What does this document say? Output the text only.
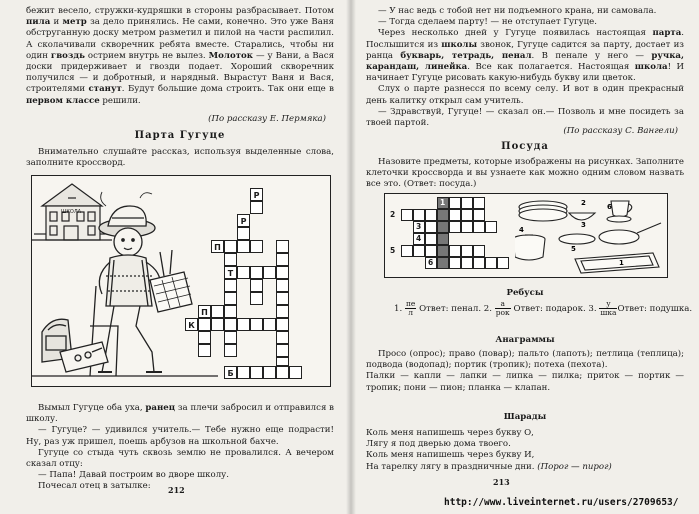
бежит весело, стружки-кудряшки в стороны разбрасывает. Потом пила и метр за дело принялись. Не сами, конечно. Это уже Ваня обструганную доску метром разметил и пилой на части распилил. А сколачивали скворечник ребята вместе. Старались, чтобы ни один гвоздь острием внутрь не вылез. Молоток — у Вани, а Вася доски придерживает и гвозди подает. Хороший скворечник получился — и добротный, и нарядный. Вырастут Ваня и Вася, строителями станут. Будут большие дома строить. Так они еще в первом классе решили.

(По рассказу Е. Пермяка)
Парта Гугуце

Внимательно слушайте рассказ, используя выделенные слова, заполните кроссворд.

Р
Р
П
Т
П
К
Б
ШКОЛА

Вымыл Гугуце оба уха, ранец за плечи забросил и отправился в школу.

— Гугуце? — удивился учитель.— Тебе нужно еще подрасти! Ну, раз уж пришел, поешь арбузов на школьной бахче.

Гугуце со стыда чуть сквозь землю не провалился. А вечером сказал отцу:

— Папа! Давай построим во дворе школу.

Почесал отец в затылке:	212

— У нас ведь с тобой нет ни подъемного крана, ни самовала.

— Тогда сделаем парту! — не отступает Гугуце.

Через несколько дней у Гугуце появилась настоящая парта. Послышится из школы звонок, Гугуце садится за парту, достает из ранца букварь, тетрадь, пенал. В пенале у него — ручка, карандаш, линейка. Все как полагается. Настоящая школа! И начинает Гугуце рисовать какую-нибудь букву или цветок.

Слух о парте разнесся по всему селу. И вот в один прекрасный день калитку открыл сам учитель.

— Здравствуй, Гугуце! — сказал он.— Позволь и мне посидеть за твоей партой.

(По рассказу С. Вангели)
Посуда

Назовите предметы, которые изображены на рисунках. Заполните клеточки кроссворда и вы узнаете как можно одним словом назвать все это. (Ответ: посуда.)

1
2
3
4
5
6
6
2
3
4
5
1
Ребусы
1. $\frac{пе}{л}$ Ответ: пенал. 2. $\frac{а}{\text{рок}}$ Ответ: подарок. 3. $\frac{у}{\text{шка}}$ Ответ: подушка.
Анаграммы

Просо (опрос); право (повар); пальто (лапоть); петлица (теплица); подвода (водопад); портик (тропик); потеха (пехота).

Палки — капли — лапки — липка — пилка; приток — портик — тропик; пони — пион; планка — клапан.

Шарады

Коль меня напишешь через букву О,

Лягу я под дверью дома твоего.

Коль меня напишешь через букву И,

На тарелку лягу в праздничные дни. (Порог — пирог)

213
http://www.liveinternet.ru/users/2709653/
